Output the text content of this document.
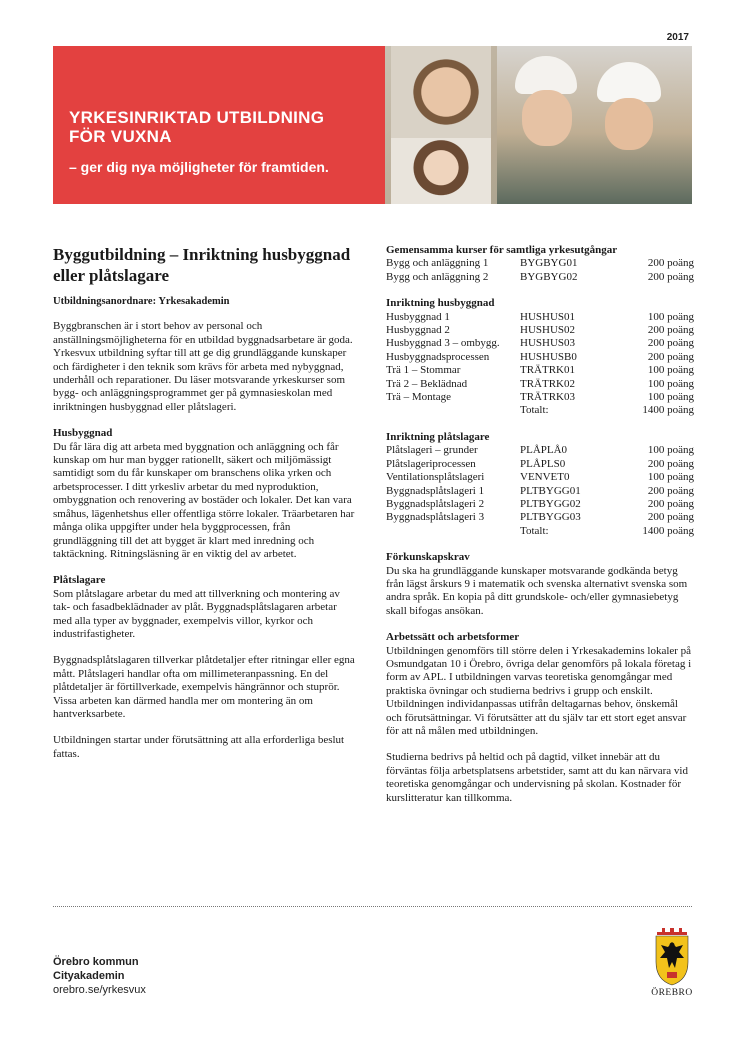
2017
YRKESINRIKTAD UTBILDNING
FÖR VUXNA
– ger dig nya möjligheter för framtiden.
Byggutbildning – Inriktning husbyggnad eller plåtslagare
Utbildningsanordnare: Yrkesakademin

Byggbranschen är i stort behov av personal och anställningsmöjligheterna för en utbildad byggnadsarbetare är goda. Yrkesvux utbildning syftar till att ge dig grundläggande kunskaper och färdigheter i den teknik som krävs för arbeta med nybyggnad, underhåll och reparationer. Du läser motsvarande yrkeskurser som bygg- och anläggningsprogrammet ger på gymnasieskolan med inriktningen husbyggnad eller plåtslageri.

Husbyggnad

Du får lära dig att arbeta med byggnation och anläggning och får kunskap om hur man bygger rationellt, säkert och miljömässigt samtidigt som du får kunskaper om branschens olika yrken och arbetsprocesser. I ditt yrkesliv arbetar du med nyproduktion, ombyggnation och renovering av bostäder och lokaler. Det kan vara småhus, lägenhetshus eller offentliga större lokaler. Träarbetaren har många olika uppgifter under hela byggprocessen, från grundläggning till det att bygget är klart med inredning och taktäckning. Ritningsläsning är en viktig del av arbetet.

Plåtslagare

Som plåtslagare arbetar du med att tillverkning och montering av tak- och fasadbeklädnader av plåt. Byggnadsplåtslagaren arbetar med alla typer av byggnader, exempelvis villor, kyrkor och industrifastigheter.

Byggnadsplåtslagaren tillverkar plåtdetaljer efter ritningar eller egna mått. Plåtslageri handlar ofta om millimeteranpassning. En del plåtdetaljer är förtillverkade, exempelvis hängrännor och stuprör. Vissa arbeten kan därmed handla mer om montering än om hantverksarbete.

Utbildningen startar under förutsättning att alla erforderliga beslut fattas.

Gemensamma kurser för samtliga yrkesutgångar
Bygg och anläggning 1	BYGBYG01	200 poäng
Bygg och anläggning 2	BYGBYG02	200 poäng
Inriktning husbyggnad
Husbyggnad 1	HUSHUS01	100 poäng
Husbyggnad 2	HUSHUS02	200 poäng
Husbyggnad 3 – ombygg.	HUSHUS03	200 poäng
Husbyggnadsprocessen	HUSHUSB0	200 poäng
Trä 1 – Stommar	TRÄTRK01	100 poäng
Trä 2 – Beklädnad	TRÄTRK02	100 poäng
Trä – Montage	TRÄTRK03	100 poäng
	Totalt:	1400 poäng
Inriktning plåtslagare
Plåtslageri – grunder	PLÅPLÅ0	100 poäng
Plåtslageriprocessen	PLÅPLS0	200 poäng
Ventilationsplåtslageri	VENVET0	100 poäng
Byggnadsplåtslageri 1	PLTBYGG01	200 poäng
Byggnadsplåtslageri 2	PLTBYGG02	200 poäng
Byggnadsplåtslageri 3	PLTBYGG03	200 poäng
	Totalt:	1400 poäng
Förkunskapskrav

Du ska ha grundläggande kunskaper motsvarande godkända betyg från lägst årskurs 9 i matematik och svenska alternativt svenska som andra språk. En kopia på ditt grundskole- och/eller gymnasiebetyg skall bifogas ansökan.

Arbetssätt och arbetsformer

Utbildningen genomförs till större delen i Yrkesakademins lokaler på Osmundgatan 10 i Örebro, övriga delar genomförs på lokala företag i form av APL. I utbildningen varvas teoretiska genomgångar med praktiska övningar och studierna bedrivs i grupp och enskilt. Utbildningen individanpassas utifrån deltagarnas behov, önskemål och förutsättningar. Vi förutsätter att du själv tar ett stort eget ansvar för att nå målen med utbildningen.

Studierna bedrivs på heltid och på dagtid, vilket innebär att du förväntas följa arbetsplatsens arbetstider, samt att du kan närvara vid teoretiska genomgångar och undervisning på skolan. Kostnader för kurslitteratur kan tillkomma.

Örebro kommun
Cityakademin
orebro.se/yrkesvux	ÖREBRO
